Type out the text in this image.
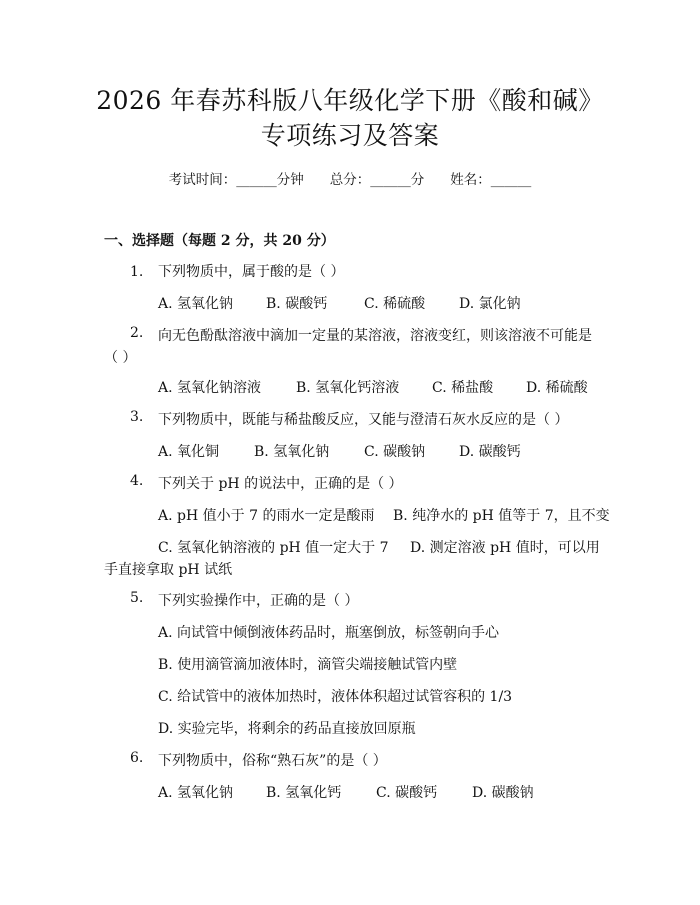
2026 年春苏科版八年级化学下册《酸和碱》
专项练习及答案
考试时间：______分钟 总分：______分 姓名：______
一、选择题（每题 2 分，共 20 分）
1.	下列物质中，属于酸的是（ ）
A. 氢氧化钠 B. 碳酸钙	C. 稀硫酸 D. 氯化钠
2. 向无色酚酞溶液中滴加一定量的某溶液，溶液变红，则该溶液不可能是
（ ）
A. 氢氧化钠溶液 B. 氢氧化钙溶液 C. 稀盐酸 D. 稀硫酸
3. 下列物质中，既能与稀盐酸反应，又能与澄清石灰水反应的是（ ）
A. 氧化铜 B. 氢氧化钠 C. 碳酸钠 D. 碳酸钙
4. 下列关于 pH 的说法中，正确的是（ ）
A. pH 值小于 7 的雨水一定是酸雨 B. 纯净水的 pH 值等于 7，且不变
C. 氢氧化钠溶液的 pH 值一定大于 7 D. 测定溶液 pH 值时，可以用
手直接拿取 pH 试纸
5. 下列实验操作中，正确的是（ ）
A. 向试管中倾倒液体药品时，瓶塞倒放，标签朝向手心
B. 使用滴管滴加液体时，滴管尖端接触试管内壁
C. 给试管中的液体加热时，液体体积超过试管容积的 1/3
D. 实验完毕，将剩余的药品直接放回原瓶
6. 下列物质中，俗称“熟石灰”的是（ ）
A. 氢氧化钠 B. 氢氧化钙 C. 碳酸钙 D. 碳酸钠
